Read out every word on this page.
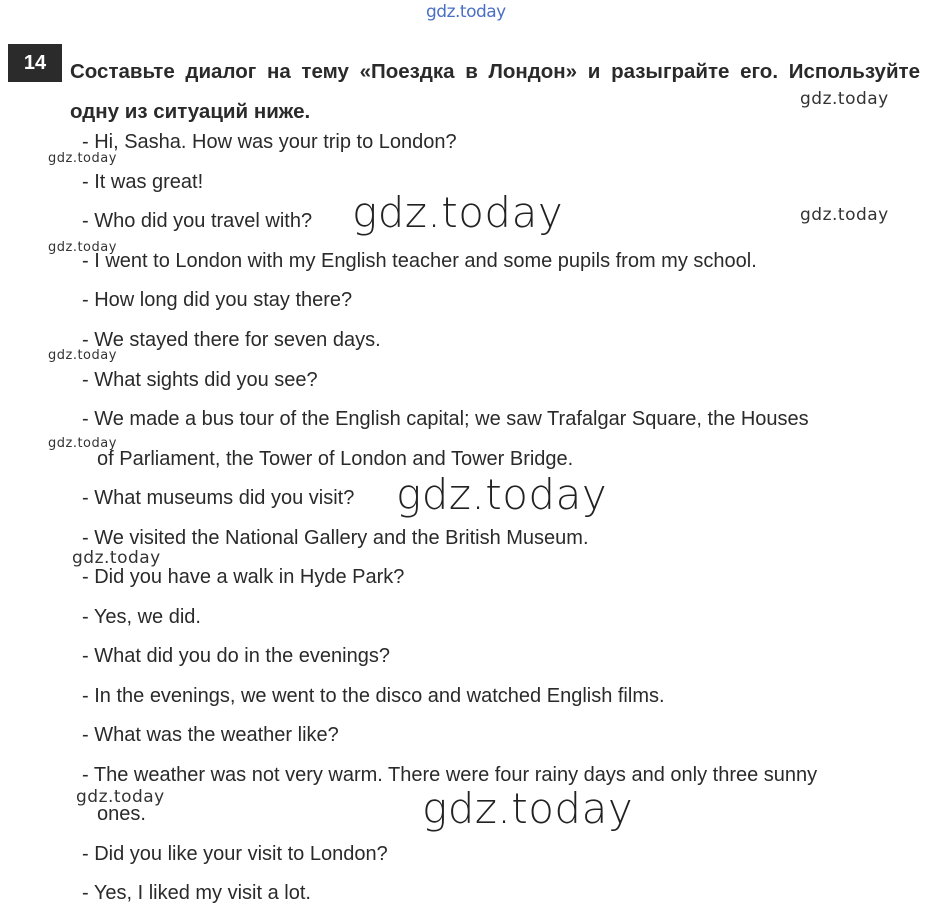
gdz.today
14	Составьте диалог на тему «Поездка в Лондон» и разыграйте его. Используйте одну из ситуаций ниже.

- Hi, Sasha. How was your trip to London?
- It was great!
- Who did you travel with?
- I went to London with my English teacher and some pupils from my school.
- How long did you stay there?
- We stayed there for seven days.
- What sights did you see?
- We made a bus tour of the English capital; we saw Trafalgar Square, the Houses
of Parliament, the Tower of London and Tower Bridge.
- What museums did you visit?
- We visited the National Gallery and the British Museum.
- Did you have a walk in Hyde Park?
- Yes, we did.
- What did you do in the evenings?
- In the evenings, we went to the disco and watched English films.
- What was the weather like?
- The weather was not very warm. There were four rainy days and only three sunny
ones.
- Did you like your visit to London?
- Yes, I liked my visit a lot.
gdz.today
gdz.today
gdz.today	gdz.today
gdz.today
gdz.today
gdz.today
gdz.today
gdz.today
gdz.today	gdz.today
